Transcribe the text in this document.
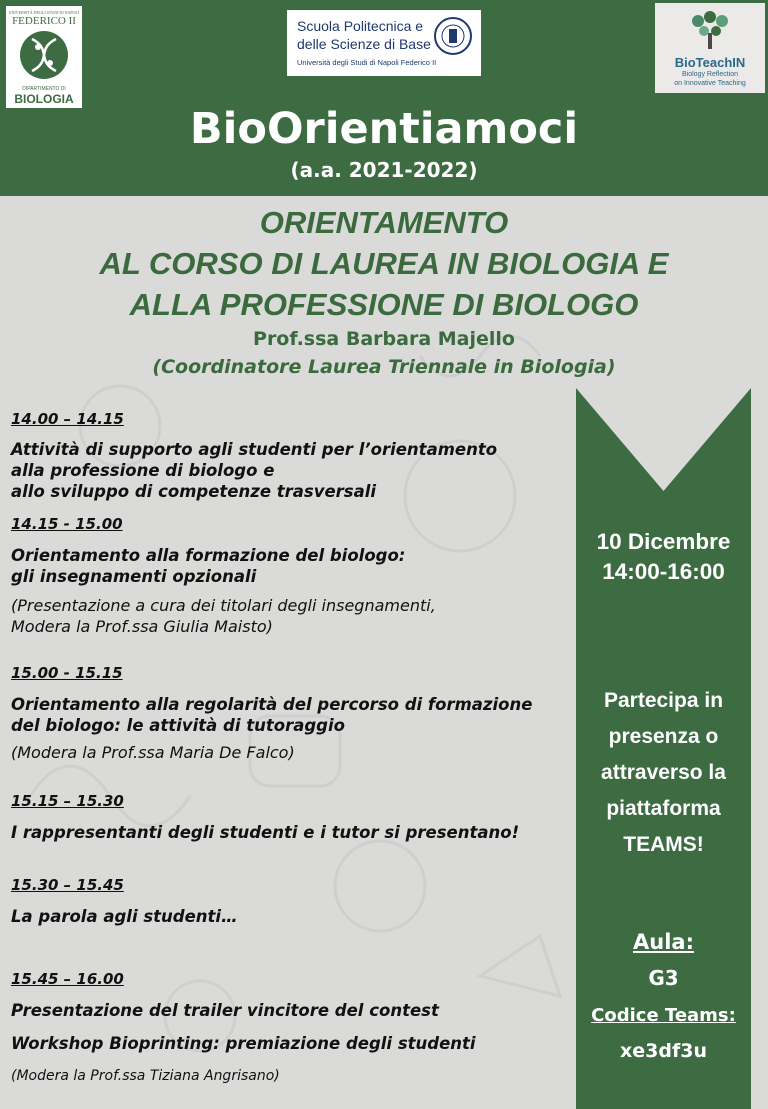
UNIVERSITÀ DEGLI STUDI DI NAPOLI
FEDERICO II
DIPARTIMENTO DI
BIOLOGIA
Scuola Politecnica e
delle Scienze di Base
Università degli Studi di Napoli Federico II	BioTeachIN
Biology Reflection
on Innovative Teaching
BioOrientiamoci
(a.a. 2021-2022)
ORIENTAMENTO
AL CORSO DI LAUREA IN BIOLOGIA E
ALLA PROFESSIONE DI BIOLOGO
Prof.ssa Barbara Majello
(Coordinatore Laurea Triennale in Biologia)
14.00 – 14.15
Attività di supporto agli studenti per l’orientamento
alla professione di biologo e
allo sviluppo di competenze trasversali
14.15 - 15.00
Orientamento alla formazione del biologo:
gli insegnamenti opzionali
(Presentazione a cura dei titolari degli insegnamenti,
Modera la Prof.ssa Giulia Maisto)
15.00 - 15.15
Orientamento alla regolarità del percorso di formazione
del biologo: le attività di tutoraggio
(Modera la Prof.ssa Maria De Falco)
15.15 – 15.30
I rappresentanti degli studenti e i tutor si presentano!
15.30 – 15.45
La parola agli studenti…
15.45 – 16.00
Presentazione del trailer vincitore del contest
Workshop Bioprinting: premiazione degli studenti
(Modera la Prof.ssa Tiziana Angrisano)
10 Dicembre
14:00-16:00
Partecipa in
presenza o
attraverso la
piattaforma
TEAMS!
Aula:
G3
Codice Teams:
xe3df3u
